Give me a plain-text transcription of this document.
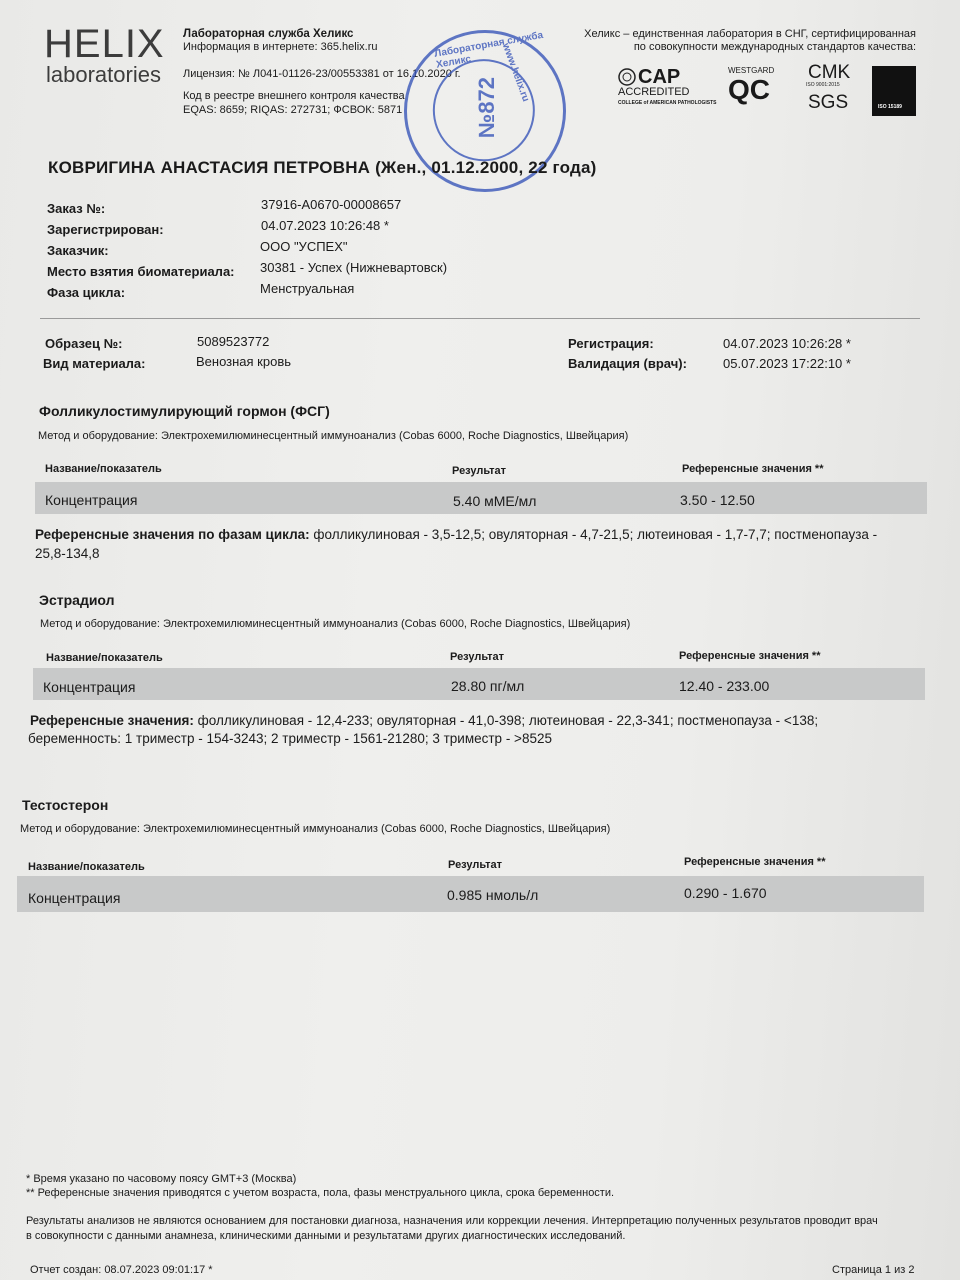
HELIX
laboratories
Лабораторная служба Хеликс
Информация в интернете: 365.helix.ru
Лицензия: № Л041-01126-23/00553381 от 16.10.2020 г.
Код в реестре внешнего контроля качества
EQAS: 8659; RIQAS: 272731; ФСВОК: 5871
Хеликс – единственная лаборатория в СНГ, сертифицированная
по совокупности международных стандартов качества:
CAP
ACCREDITED
COLLEGE of AMERICAN PATHOLOGISTS
WESTGARD
QC
CMK
ISO 9001:2015
SGS	ISO 15189
Лабораторная служба Хеликс	www.helix.ru
№872
КОВРИГИНА АНАСТАСИЯ ПЕТРОВНА (Жен., 01.12.2000, 22 года)
Заказ №:	37916-A0670-00008657
Зарегистрирован:	04.07.2023 10:26:48 *
Заказчик:	ООО "УСПЕХ"
Место взятия биоматериала: 30381 - Успех (Нижневартовск)
Фаза цикла:	Менструальная
Образец №:	5089523772
Вид материала:	Венозная кровь
Регистрация:	04.07.2023 10:26:28 *
Валидация (врач):	05.07.2023 17:22:10 *
Фолликулостимулирующий гормон (ФСГ)
Метод и оборудование: Электрохемилюминесцентный иммуноанализ (Cobas 6000, Roche Diagnostics, Швейцария)
Название/показатель	Результат	Референсные значения **
Концентрация	5.40 мМЕ/мл	3.50 - 12.50
Референсные значения по фазам цикла: фолликулиновая - 3,5-12,5; овуляторная - 4,7-21,5; лютеиновая - 1,7-7,7; постменопауза -
25,8-134,8
Эстрадиол
Метод и оборудование: Электрохемилюминесцентный иммуноанализ (Cobas 6000, Roche Diagnostics, Швейцария)
Название/показатель	Результат	Референсные значения **
Концентрация	28.80 пг/мл	12.40 - 233.00
Референсные значения: фолликулиновая - 12,4-233; овуляторная - 41,0-398; лютеиновая - 22,3-341; постменопауза - <138;
беременность: 1 триместр - 154-3243; 2 триместр - 1561-21280; 3 триместр - >8525
Тестостерон
Метод и оборудование: Электрохемилюминесцентный иммуноанализ (Cobas 6000, Roche Diagnostics, Швейцария)
Название/показатель	Результат	Референсные значения **
Концентрация	0.985 нмоль/л	0.290 - 1.670
* Время указано по часовому поясу GMT+3 (Москва)
** Референсные значения приводятся с учетом возраста, пола, фазы менструального цикла, срока беременности.
Результаты анализов не являются основанием для постановки диагноза, назначения или коррекции лечения. Интерпретацию полученных результатов проводит врач
в совокупности с данными анамнеза, клиническими данными и результатами других диагностических исследований.
Отчет создан: 08.07.2023 09:01:17 *	Страница 1 из 2
